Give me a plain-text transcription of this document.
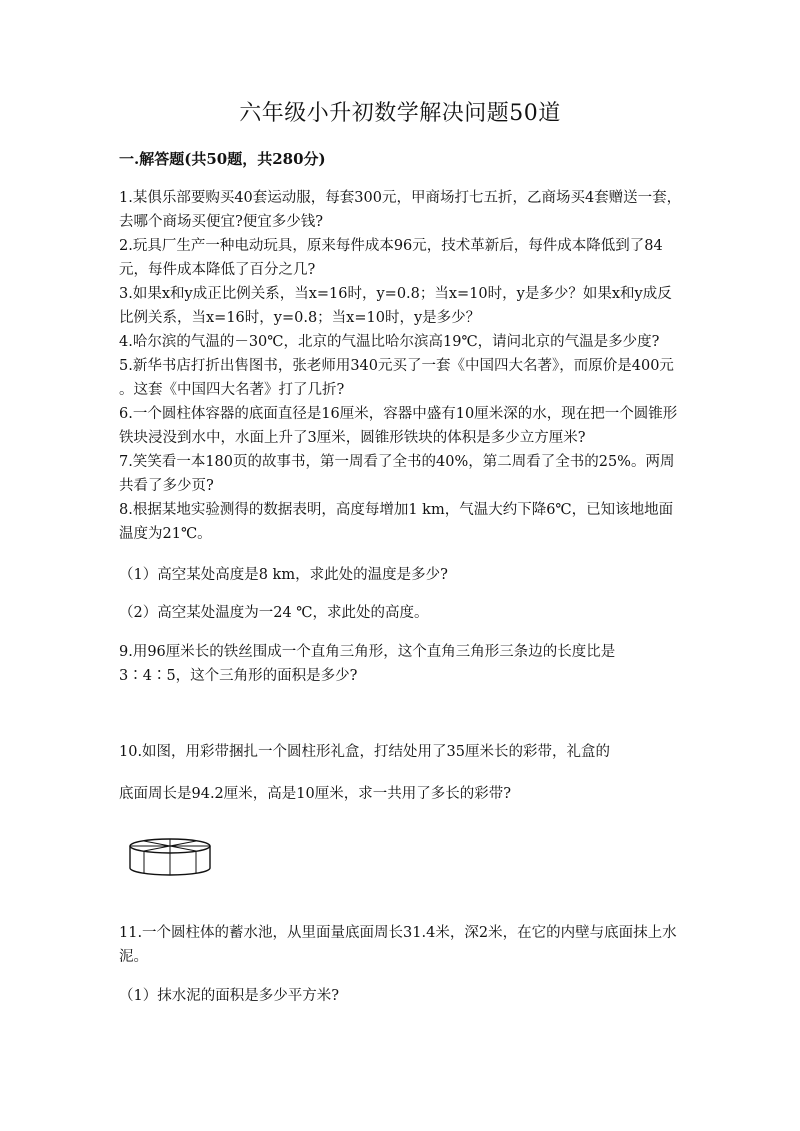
六年级小升初数学解决问题50道
一.解答题(共50题，共280分)
1.某俱乐部要购买40套运动服，每套300元，甲商场打七五折，乙商场买4套赠送一套，去哪个商场买便宜?便宜多少钱?
2.玩具厂生产一种电动玩具，原来每件成本96元，技术革新后，每件成本降低到了84元，每件成本降低了百分之几?
3.如果x和y成正比例关系，当x=16时，y=0.8；当x=10时，y是多少？如果x和y成反比例关系，当x=16时，y=0.8；当x=10时，y是多少？
4.哈尔滨的气温的－30℃，北京的气温比哈尔滨高19℃，请问北京的气温是多少度?
5.新华书店打折出售图书，张老师用340元买了一套《中国四大名著》，而原价是400元 。这套《中国四大名著》打了几折?
6.一个圆柱体容器的底面直径是16厘米，容器中盛有10厘米深的水，现在把一个圆锥形铁块浸没到水中，水面上升了3厘米，圆锥形铁块的体积是多少立方厘米?
7.笑笑看一本180页的故事书，第一周看了全书的40%，第二周看了全书的25%。两周共看了多少页?
8.根据某地实验测得的数据表明，高度每增加1 km，气温大约下降6℃，已知该地地面温度为21℃。
（1）高空某处高度是8 km，求此处的温度是多少?
（2）高空某处温度为一24 ℃，求此处的高度。
9.用96厘米长的铁丝围成一个直角三角形，这个直角三角形三条边的长度比是3∶4∶5，这个三角形的面积是多少?
10.如图，用彩带捆扎一个圆柱形礼盒，打结处用了35厘米长的彩带，礼盒的
底面周长是94.2厘米，高是10厘米，求一共用了多长的彩带?
11.一个圆柱体的蓄水池，从里面量底面周长31.4米，深2米，在它的内壁与底面抹上水泥。
（1）抹水泥的面积是多少平方米?
